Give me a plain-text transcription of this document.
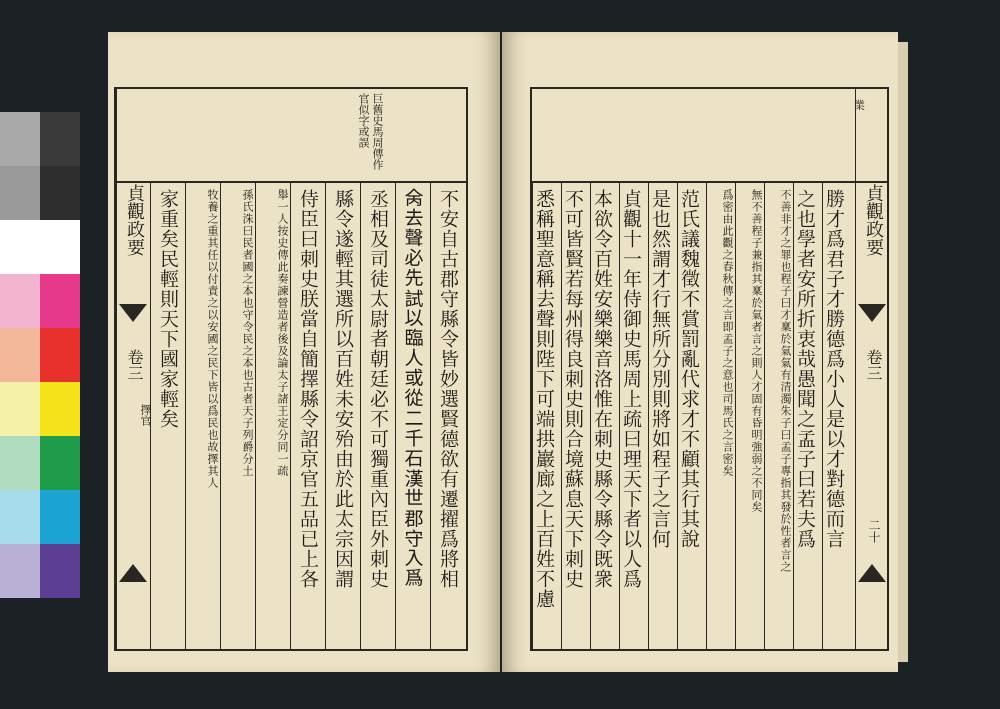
巨舊史馬周傳作官似字或誤
不安自古郡守縣令皆妙選賢德欲有遷擢爲將相
𠇮去聲必先試以臨人或從二千石漢世郡守入爲
丞相及司徒太尉者朝廷必不可獨重內臣外刺史
縣令遂輕其選所以百姓未安殆由於此太宗因謂
侍臣曰刺史朕當自簡擇縣令詔京官五品已上各
舉一人按史傳此奏諫營造者後及論太子諸王定分同一疏
孫氏洙曰民者國之本也守令民之本也古者天子列爵分土
牧養之重其任以付責之以安國之民下皆以爲民也故擇其人
家重矣民輕則天下國家輕矣
貞觀政要
卷三
擇官
業
悉稱聖意稱去聲則陛下可端拱巖廊之上百姓不慮 不可皆賢若每州得良刺史則合境蘇息天下刺史 本欲令百姓安樂樂音洛惟在刺史縣令縣令既衆 貞觀十一年侍御史馬周上疏曰理天下者以人爲 是也然謂才行無所分別則將如程子之言何 范氏議魏徵不賞罰亂代求才不顧其行其說	爲密由此觀之春秋傳之言即孟子之意也司馬氏之言密矣	無不善程子兼指其稟於氣者言之則人才固有昏明強弱之不同矣	不善非才之罪也程子曰才稟於氣氣有清濁朱子曰孟子專指其發於性者言之 之也學者安所折衷哉愚聞之孟子曰若夫爲 勝才爲君子才勝德爲小人是以才對德而言	貞觀政要
卷三
二十
